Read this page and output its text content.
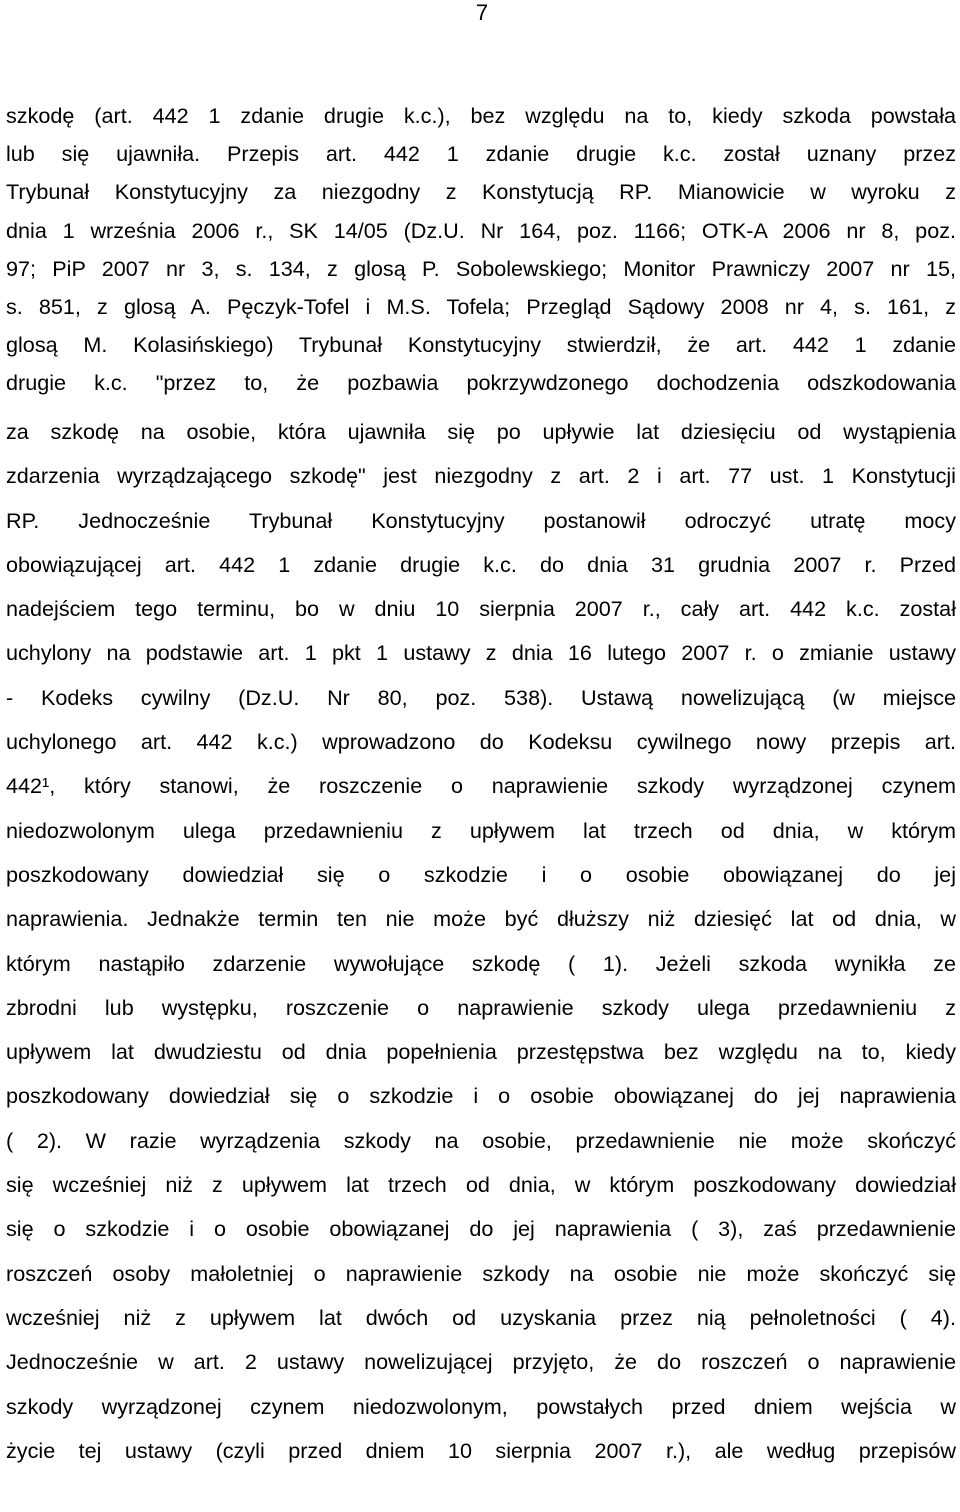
7
szkodę (art. 442 1 zdanie drugie k.c.), bez względu na to, kiedy szkoda powstała
lub się ujawniła. Przepis art. 442 1 zdanie drugie k.c. został uznany przez
Trybunał Konstytucyjny za niezgodny z Konstytucją RP. Mianowicie w wyroku z
dnia 1 września 2006 r., SK 14/05 (Dz.U. Nr 164, poz. 1166; OTK-A 2006 nr 8, poz.
97; PiP 2007 nr 3, s. 134, z glosą P. Sobolewskiego; Monitor Prawniczy 2007 nr 15,
s. 851, z glosą A. Pęczyk-Tofel i M.S. Tofela; Przegląd Sądowy 2008 nr 4, s. 161, z
glosą M. Kolasińskiego) Trybunał Konstytucyjny stwierdził, że art. 442 1 zdanie
drugie k.c. "przez to, że pozbawia pokrzywdzonego dochodzenia odszkodowania
za szkodę na osobie, która ujawniła się po upływie lat dziesięciu od wystąpienia
zdarzenia wyrządzającego szkodę" jest niezgodny z art. 2 i art. 77 ust. 1 Konstytucji
RP. Jednocześnie Trybunał Konstytucyjny postanowił odroczyć utratę mocy
obowiązującej art. 442 1 zdanie drugie k.c. do dnia 31 grudnia 2007 r. Przed
nadejściem tego terminu, bo w dniu 10 sierpnia 2007 r., cały art. 442 k.c. został
uchylony na podstawie art. 1 pkt 1 ustawy z dnia 16 lutego 2007 r. o zmianie ustawy
- Kodeks cywilny (Dz.U. Nr 80, poz. 538). Ustawą nowelizującą (w miejsce
uchylonego art. 442 k.c.) wprowadzono do Kodeksu cywilnego nowy przepis art.
442¹, który stanowi, że roszczenie o naprawienie szkody wyrządzonej czynem
niedozwolonym ulega przedawnieniu z upływem lat trzech od dnia, w którym
poszkodowany dowiedział się o szkodzie i o osobie obowiązanej do jej
naprawienia. Jednakże termin ten nie może być dłuższy niż dziesięć lat od dnia, w
którym nastąpiło zdarzenie wywołujące szkodę ( 1). Jeżeli szkoda wynikła ze
zbrodni lub występku, roszczenie o naprawienie szkody ulega przedawnieniu z
upływem lat dwudziestu od dnia popełnienia przestępstwa bez względu na to, kiedy
poszkodowany dowiedział się o szkodzie i o osobie obowiązanej do jej naprawienia
( 2). W razie wyrządzenia szkody na osobie, przedawnienie nie może skończyć
się wcześniej niż z upływem lat trzech od dnia, w którym poszkodowany dowiedział
się o szkodzie i o osobie obowiązanej do jej naprawienia ( 3), zaś przedawnienie
roszczeń osoby małoletniej o naprawienie szkody na osobie nie może skończyć się
wcześniej niż z upływem lat dwóch od uzyskania przez nią pełnoletności ( 4).
Jednocześnie w art. 2 ustawy nowelizującej przyjęto, że do roszczeń o naprawienie
szkody wyrządzonej czynem niedozwolonym, powstałych przed dniem wejścia w
życie tej ustawy (czyli przed dniem 10 sierpnia 2007 r.), ale według przepisów
